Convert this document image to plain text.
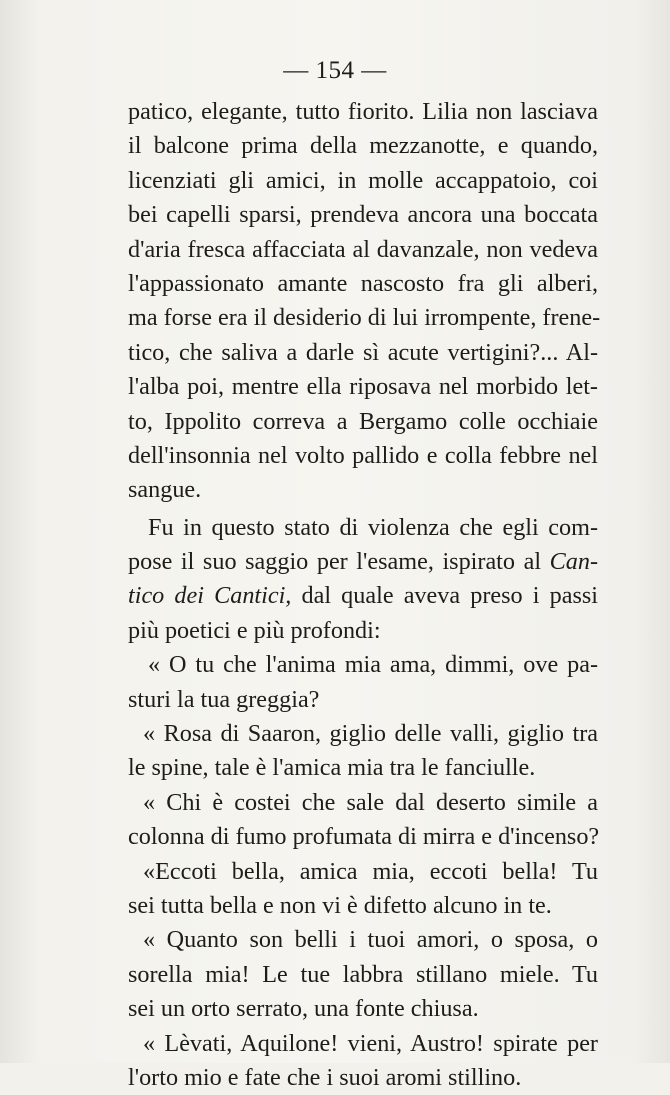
— 154 —
patico, elegante, tutto fiorito. Lilia non lasciava
il balcone prima della mezzanotte, e quando,
licenziati gli amici, in molle accappatoio, coi
bei capelli sparsi, prendeva ancora una boccata
d'aria fresca affacciata al davanzale, non vedeva
l'appassionato amante nascosto fra gli alberi,
ma forse era il desiderio di lui irrompente, frene-
tico, che saliva a darle sì acute vertigini?... Al-
l'alba poi, mentre ella riposava nel morbido let-
to, Ippolito correva a Bergamo colle occhiaie
dell'insonnia nel volto pallido e colla febbre nel
sangue.
Fu in questo stato di violenza che egli com-
pose il suo saggio per l'esame, ispirato al Can-
tico dei Cantici, dal quale aveva preso i passi
più poetici e più profondi:
« O tu che l'anima mia ama, dimmi, ove pa-
sturi la tua greggia?
« Rosa di Saaron, giglio delle valli, giglio tra
le spine, tale è l'amica mia tra le fanciulle.
« Chi è costei che sale dal deserto simile a
colonna di fumo profumata di mirra e d'incenso?
«Eccoti bella, amica mia, eccoti bella! Tu
sei tutta bella e non vi è difetto alcuno in te.
« Quanto son belli i tuoi amori, o sposa, o
sorella mia! Le tue labbra stillano miele. Tu
sei un orto serrato, una fonte chiusa.
« Lèvati, Aquilone! vieni, Austro! spirate per
l'orto mio e fate che i suoi aromi stillino.
